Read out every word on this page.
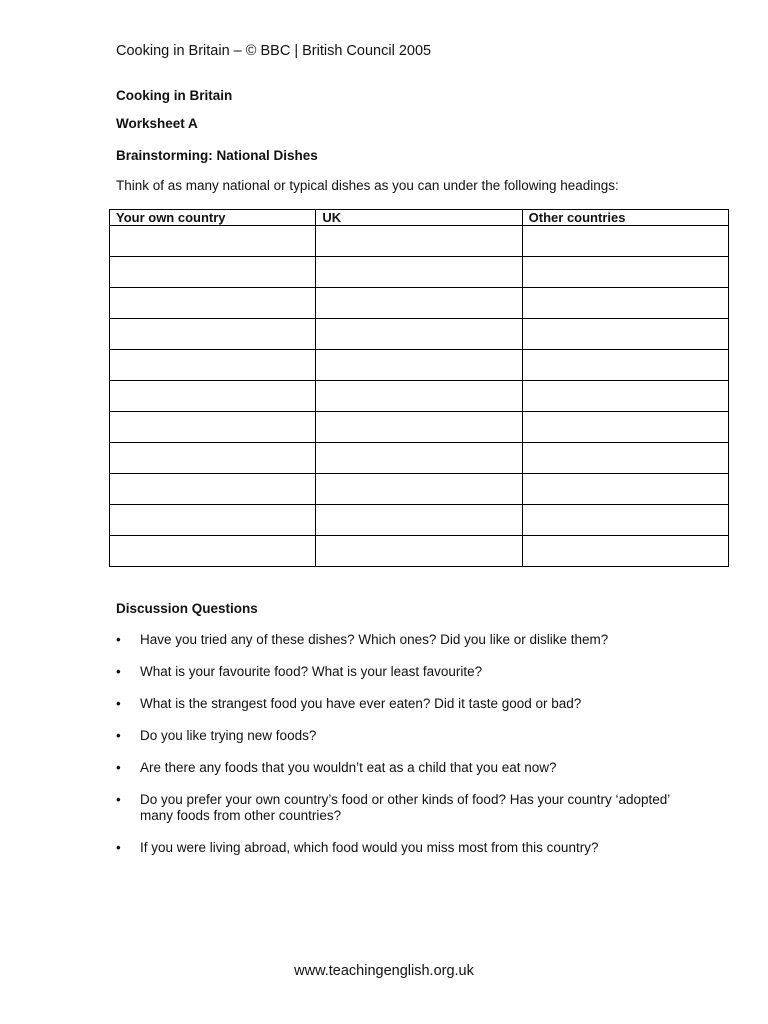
Cooking in Britain – © BBC | British Council 2005
Cooking in Britain
Worksheet A
Brainstorming: National Dishes
Think of as many national or typical dishes as you can under the following headings:
Your own country	UK	Other countries

Discussion Questions
• Have you tried any of these dishes? Which ones? Did you like or dislike them?
• What is your favourite food? What is your least favourite?
• What is the strangest food you have ever eaten? Did it taste good or bad?
• Do you like trying new foods?
• Are there any foods that you wouldn’t eat as a child that you eat now?
• Do you prefer your own country’s food or other kinds of food? Has your country ‘adopted’ many foods from other countries?
• If you were living abroad, which food would you miss most from this country?
www.teachingenglish.org.uk
